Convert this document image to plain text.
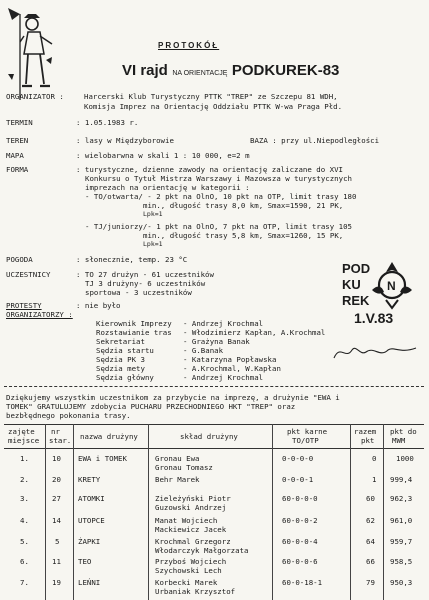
PROTOKÓŁ
VI rajd NA ORIENTACJĘ PODKUREK-83
ORGANIZATOR :	Harcerski Klub Turystyczny PTTK "TREP" ze Szczepu 81 WDH,
Komisja Imprez na Orientację Oddziału PTTK W-wa Praga Płd.
TERMIN	: 1.05.1983 r.
TEREN	: lasy w Międzyborowie	BAZA : przy ul.Niepodległości
MAPA	: wielobarwna w skali 1 : 10 000, e=2 m
FORMA	: turystyczne, dzienne zawody na orientację zaliczane do XVI
Konkursu o Tytuł Mistrza Warszawy i Mazowsza w turystycznych
imprezach na orientację w kategorii :
- TO/otwarta/ - 2 pkt na OlnO, 10 pkt na OTP, limit trasy 180
min., długość trasy 8,0 km, Smax=1590, 21 PK,
Lpk=1
- TJ/juniorzy/- 1 pkt na OlnO, 7 pkt na OTP, limit trasy 105
min., długość trasy 5,8 km, Smax=1260, 15 PK,
Lpk=1
POGODA	: słonecznie, temp. 23 °C
UCZESTNICY	: TO 27 drużyn - 61 uczestników
TJ 3 drużyny- 6 uczestników
sportowa - 3 uczestników
PROTESTY	: nie było
ORGANIZATORZY :
Kierownik Imprezy - Andrzej Krochmal
Rozstawianie tras - Włodzimierz Kapłan, A.Krochmal
Sekretariat	- Grażyna Banak
Sędzia startu	- G.Banak
Sędzia PK 3	- Katarzyna Popławska
Sędzia mety	- A.Krochmal, W.Kapłan
Sędzia główny	- Andrzej Krochmal
POD
KU
REK
1.V.83
N
Dziękujemy wszystkim uczestnikom za przybycie na imprezę, a drużynie "EWA i
TOMEK" GRATULUJEMY zdobycia PUCHARU PRZECHODNIEGO HKT "TREP" oraz
bezbłędnego pokonania trasy.
zajęte
miejsce
nr
star. nazwa drużyny	skład drużyny
pkt karne
TO/OTP
razem
pkt
pkt do
MWM
1.	10 EWA i TOMEK	Gronau Ewa
Gronau Tomasz
0-0-0-0	0	1000
2.	20 KRETY	Behr Marek	0-0-0-1	1 999,4
3.	27 ATOMKI	Zieleżyński Piotr
Guzowski Andrzej
60-0-0-0	60 962,3
4.	14 UTOPCE	Manat Wojciech
Mackiewicz Jacek
60-0-0-2	62 961,0
5.	5	ŻAPKI	Krochmal Grzegorz
Włodarczyk Małgorzata
60-0-0-4	64 959,7
6.	11 TEO	Przyboś Wojciech
Szychowski Lech
60-0-0-6	66 958,5
7.	19 LEŃNI	Korbecki Marek
Urbaniak Krzysztof
60-0-18-1	79 950,3
